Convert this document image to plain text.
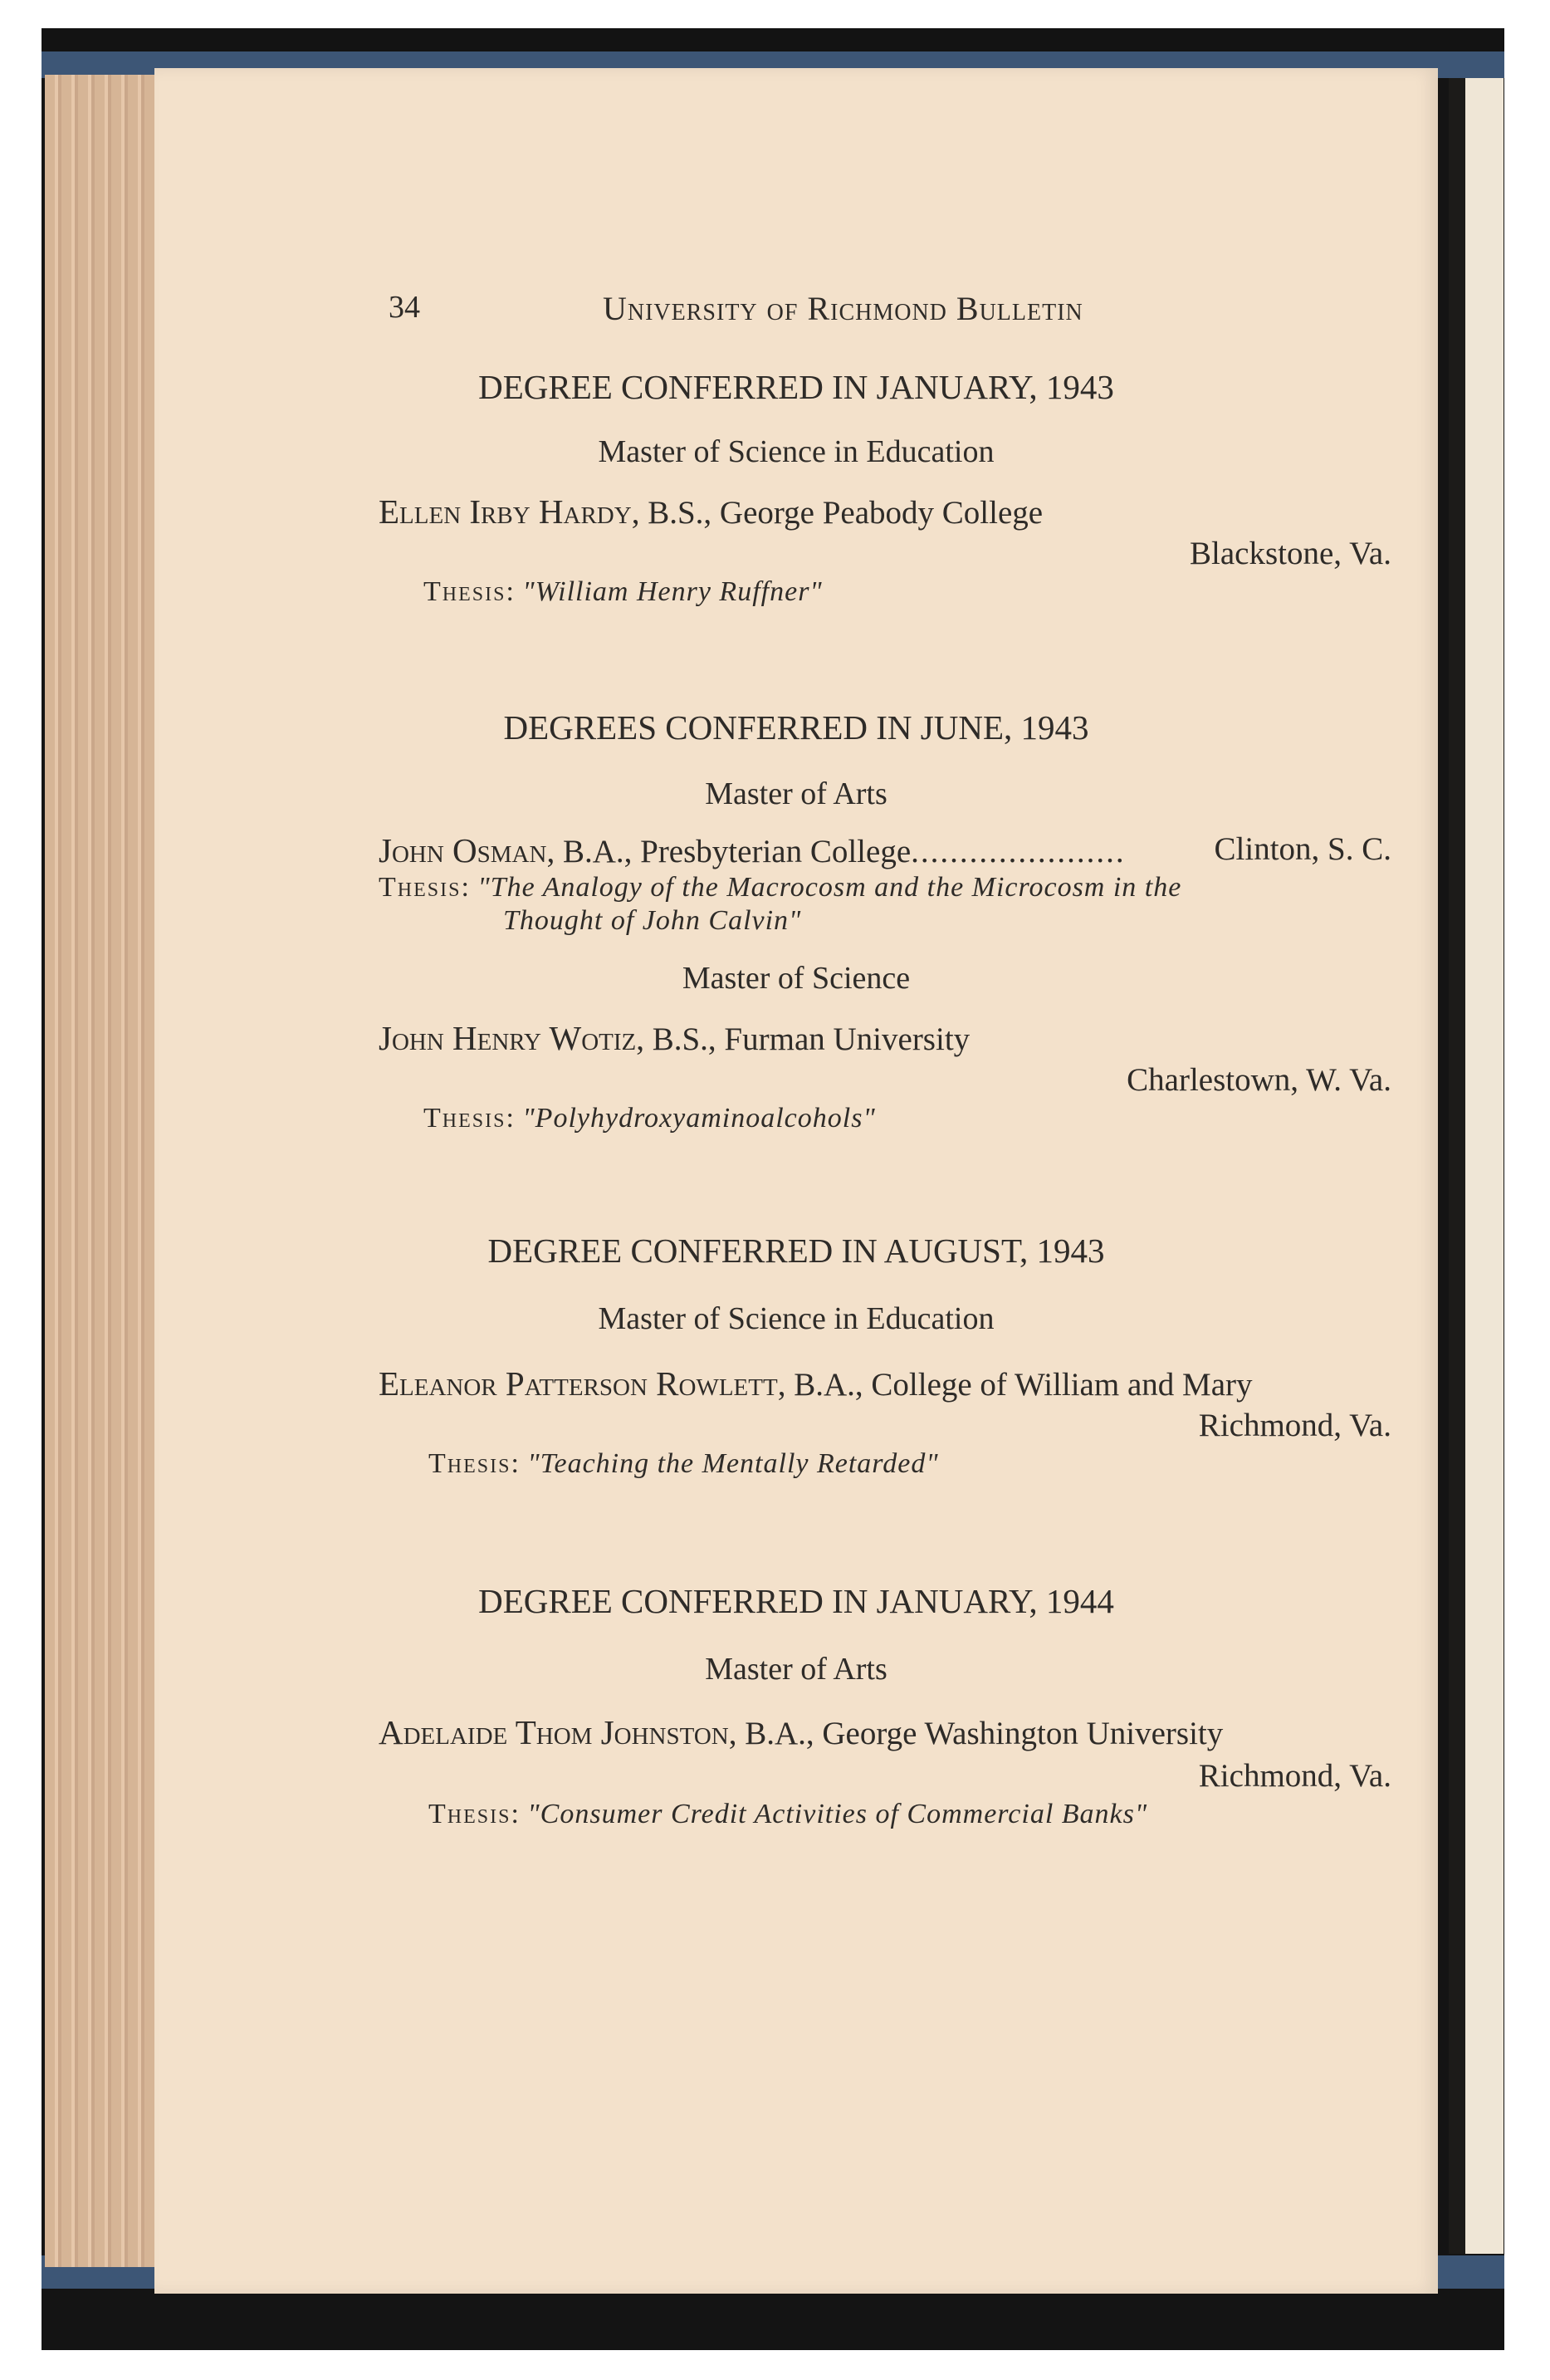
34	University of Richmond Bulletin
DEGREE CONFERRED IN JANUARY, 1943
Master of Science in Education
Ellen Irby Hardy, B.S., George Peabody College
Blackstone, Va.
Thesis: "William Henry Ruffner"
DEGREES CONFERRED IN JUNE, 1943
Master of Arts
John Osman, B.A., Presbyterian College......................	Clinton, S. C.
Thesis: "The Analogy of the Macrocosm and the Microcosm in the
Thought of John Calvin"
Master of Science
John Henry Wotiz, B.S., Furman University
Charlestown, W. Va.
Thesis: "Polyhydroxyaminoalcohols"
DEGREE CONFERRED IN AUGUST, 1943
Master of Science in Education
Eleanor Patterson Rowlett, B.A., College of William and Mary
Richmond, Va.
Thesis: "Teaching the Mentally Retarded"
DEGREE CONFERRED IN JANUARY, 1944
Master of Arts
Adelaide Thom Johnston, B.A., George Washington University
Richmond, Va.
Thesis: "Consumer Credit Activities of Commercial Banks"
